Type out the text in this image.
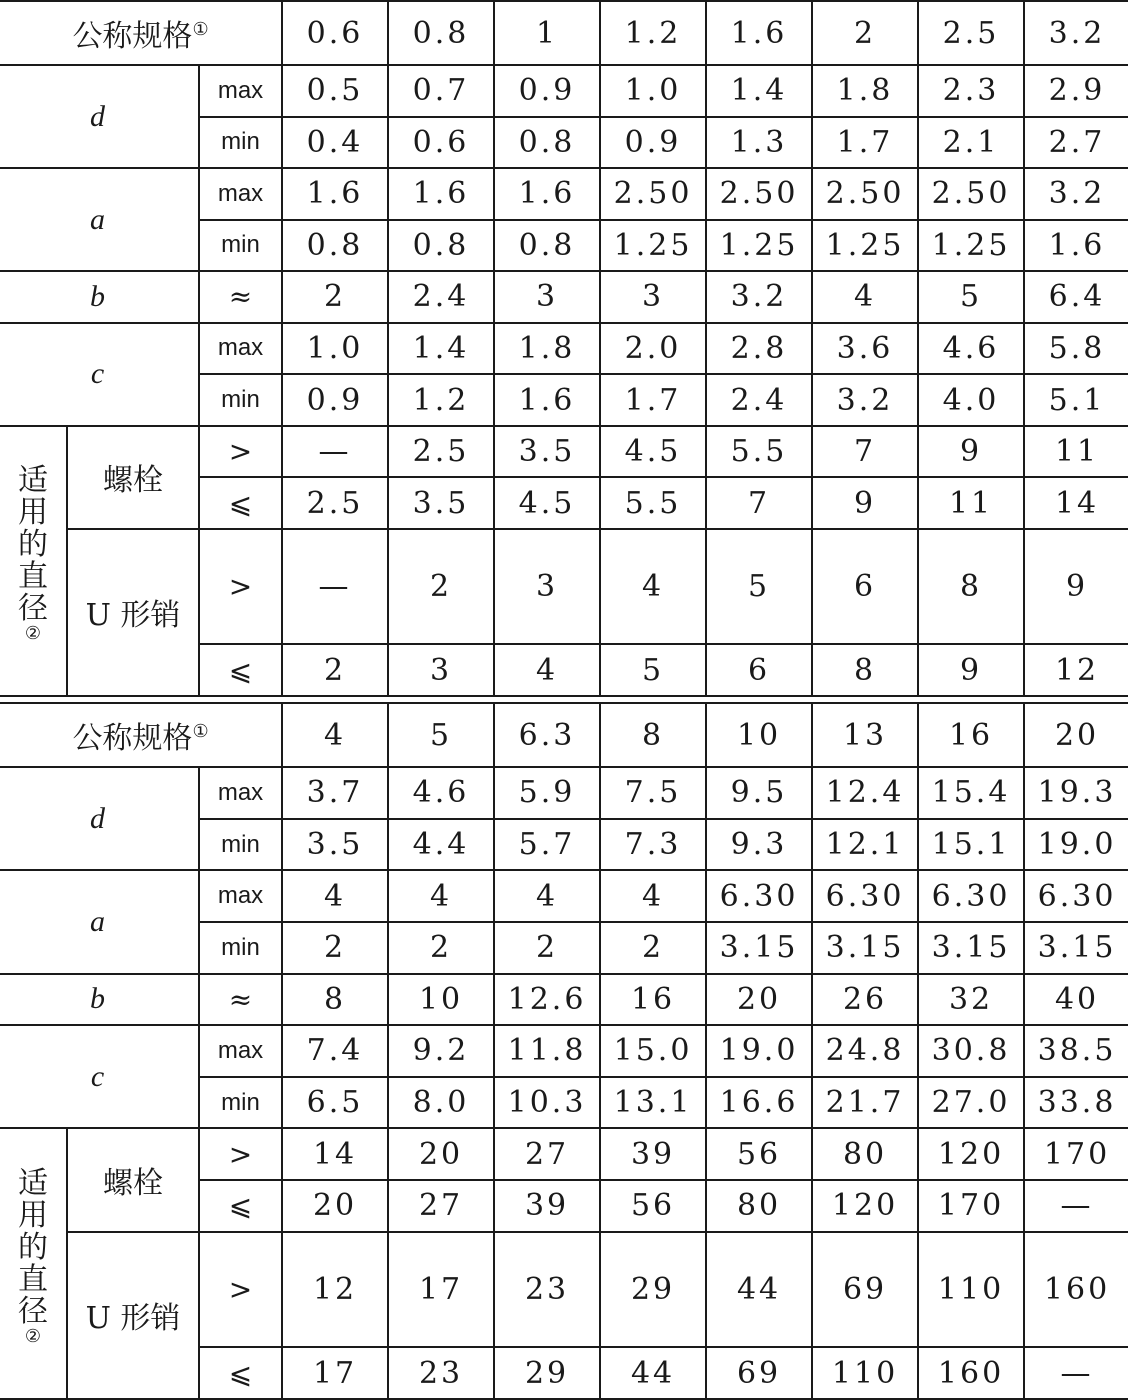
公称规格①			0.6	0.8	1	1.2	1.6	2	2.5	3.2
d		max	0.5	0.7	0.9	1.0	1.4	1.8	2.3	2.9
		min	0.4	0.6	0.8	0.9	1.3	1.7	2.1	2.7
a		max	1.6	1.6	1.6	2.50	2.50	2.50	2.50	3.2
		min	0.8	0.8	0.8	1.25	1.25	1.25	1.25	1.6
b		≈	2	2.4	3	3	3.2	4	5	6.4
c		max	1.0	1.4	1.8	2.0	2.8	3.6	4.6	5.8
		min	0.9	1.2	1.6	1.7	2.4	3.2	4.0	5.1

适用的直径②	螺栓	>	—	2.5	3.5	4.5	5.5	7	9	11
		⩽	2.5	3.5	4.5	5.5	7	9	11	14
	U 形销	>	—	2	3	4	5	6	8	9
		⩽	2	3	4	5	6	8	9	12
公称规格①			4	5	6.3	8	10	13	16	20
d		max	3.7	4.6	5.9	7.5	9.5	12.4	15.4	19.3
		min	3.5	4.4	5.7	7.3	9.3	12.1	15.1	19.0
a		max	4	4	4	4	6.30	6.30	6.30	6.30
		min	2	2	2	2	3.15	3.15	3.15	3.15
b		≈	8	10	12.6	16	20	26	32	40
c		max	7.4	9.2	11.8	15.0	19.0	24.8	30.8	38.5
		min	6.5	8.0	10.3	13.1	16.6	21.7	27.0	33.8

适用的直径②	螺栓	>	14	20	27	39	56	80	120	170
		⩽	20	27	39	56	80	120	170	—
	U 形销	>	12	17	23	29	44	69	110	160
		⩽	17	23	29	44	69	110	160	—
